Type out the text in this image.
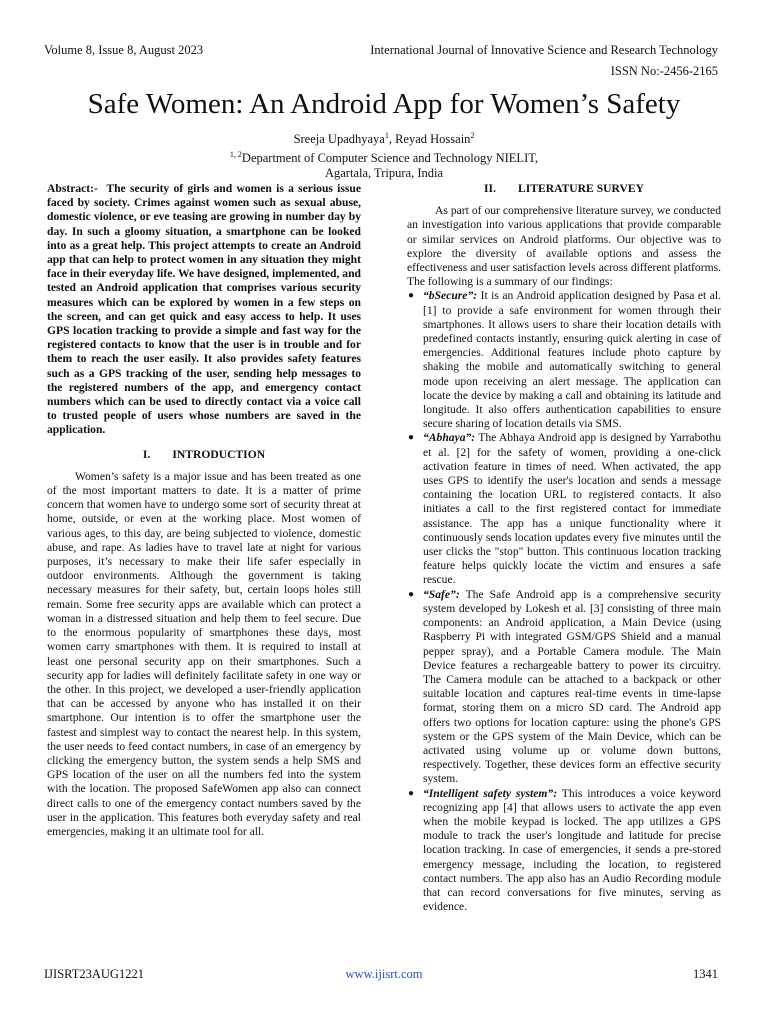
Volume 8, Issue 8, August 2023	International Journal of Innovative Science and Research Technology
ISSN No:-2456-2165
Safe Women: An Android App for Women’s Safety
Sreeja Upadhyaya$^1$, Reyad Hossain$^2$
$^{1, 2}$Department of Computer Science and Technology NIELIT,
Agartala, Tripura, India

Abstract:- The security of girls and women is a serious issue faced by society. Crimes against women such as sexual abuse, domestic violence, or eve teasing are growing in number day by day. In such a gloomy situation, a smartphone can be looked into as a great help. This project attempts to create an Android app that can help to protect women in any situation they might face in their everyday life. We have designed, implemented, and tested an Android application that comprises various security measures which can be explored by women in a few steps on the screen, and can get quick and easy access to help. It uses GPS location tracking to provide a simple and fast way for the registered contacts to know that the user is in trouble and for them to reach the user easily. It also provides safety features such as a GPS tracking of the user, sending help messages to the registered numbers of the app, and emergency contact numbers which can be used to directly contact via a voice call to trusted people of users whose numbers are saved in the application.

I. INTRODUCTION

Women’s safety is a major issue and has been treated as one of the most important matters to date. It is a matter of prime concern that women have to undergo some sort of security threat at home, outside, or even at the working place. Most women of various ages, to this day, are being subjected to violence, domestic abuse, and rape. As ladies have to travel late at night for various purposes, it’s necessary to make their life safer especially in outdoor environments. Although the government is taking necessary measures for their safety, but, certain loops holes still remain. Some free security apps are available which can protect a woman in a distressed situation and help them to feel secure. Due to the enormous popularity of smartphones these days, most women carry smartphones with them. It is required to install at least one personal security app on their smartphones. Such a security app for ladies will definitely facilitate safety in one way or the other. In this project, we developed a user-friendly application that can be accessed by anyone who has installed it on their smartphone. Our intention is to offer the smartphone user the fastest and simplest way to contact the nearest help. In this system, the user needs to feed contact numbers, in case of an emergency by clicking the emergency button, the system sends a help SMS and GPS location of the user on all the numbers fed into the system with the location. The proposed SafeWomen app also can connect direct calls to one of the emergency contact numbers saved by the user in the application. This features both everyday safety and real emergencies, making it an ultimate tool for all.

II. LITERATURE SURVEY

As part of our comprehensive literature survey, we conducted an investigation into various applications that provide comparable or similar services on Android platforms. Our objective was to explore the diversity of available options and assess the effectiveness and user satisfaction levels across different platforms. The following is a summary of our findings:

● “bSecure”: It is an Android application designed by Pasa et al. [1] to provide a safe environment for women through their smartphones. It allows users to share their location details with predefined contacts instantly, ensuring quick alerting in case of emergencies. Additional features include photo capture by shaking the mobile and automatically switching to general mode upon receiving an alert message. The application can locate the device by making a call and obtaining its latitude and longitude. It also offers authentication capabilities to ensure secure sharing of location details via SMS.
● “Abhaya”: The Abhaya Android app is designed by Yarrabothu et al. [2] for the safety of women, providing a one-click activation feature in times of need. When activated, the app uses GPS to identify the user's location and sends a message containing the location URL to registered contacts. It also initiates a call to the first registered contact for immediate assistance. The app has a unique functionality where it continuously sends location updates every five minutes until the user clicks the "stop" button. This continuous location tracking feature helps quickly locate the victim and ensures a safe rescue.
● “Safe”: The Safe Android app is a comprehensive security system developed by Lokesh et al. [3] consisting of three main components: an Android application, a Main Device (using Raspberry Pi with integrated GSM/GPS Shield and a manual pepper spray), and a Portable Camera module. The Main Device features a rechargeable battery to power its circuitry. The Camera module can be attached to a backpack or other suitable location and captures real-time events in time-lapse format, storing them on a micro SD card. The Android app offers two options for location capture: using the phone's GPS system or the GPS system of the Main Device, which can be activated using volume up or volume down buttons, respectively. Together, these devices form an effective security system.
● “Intelligent safety system”: This introduces a voice keyword recognizing app [4] that allows users to activate the app even when the mobile keypad is locked. The app utilizes a GPS module to track the user's longitude and latitude for precise location tracking. In case of emergencies, it sends a pre-stored emergency message, including the location, to registered contact numbers. The app also has an Audio Recording module that can record conversations for five minutes, serving as evidence.
IJISRT23AUG1221	www.ijisrt.com	1341
